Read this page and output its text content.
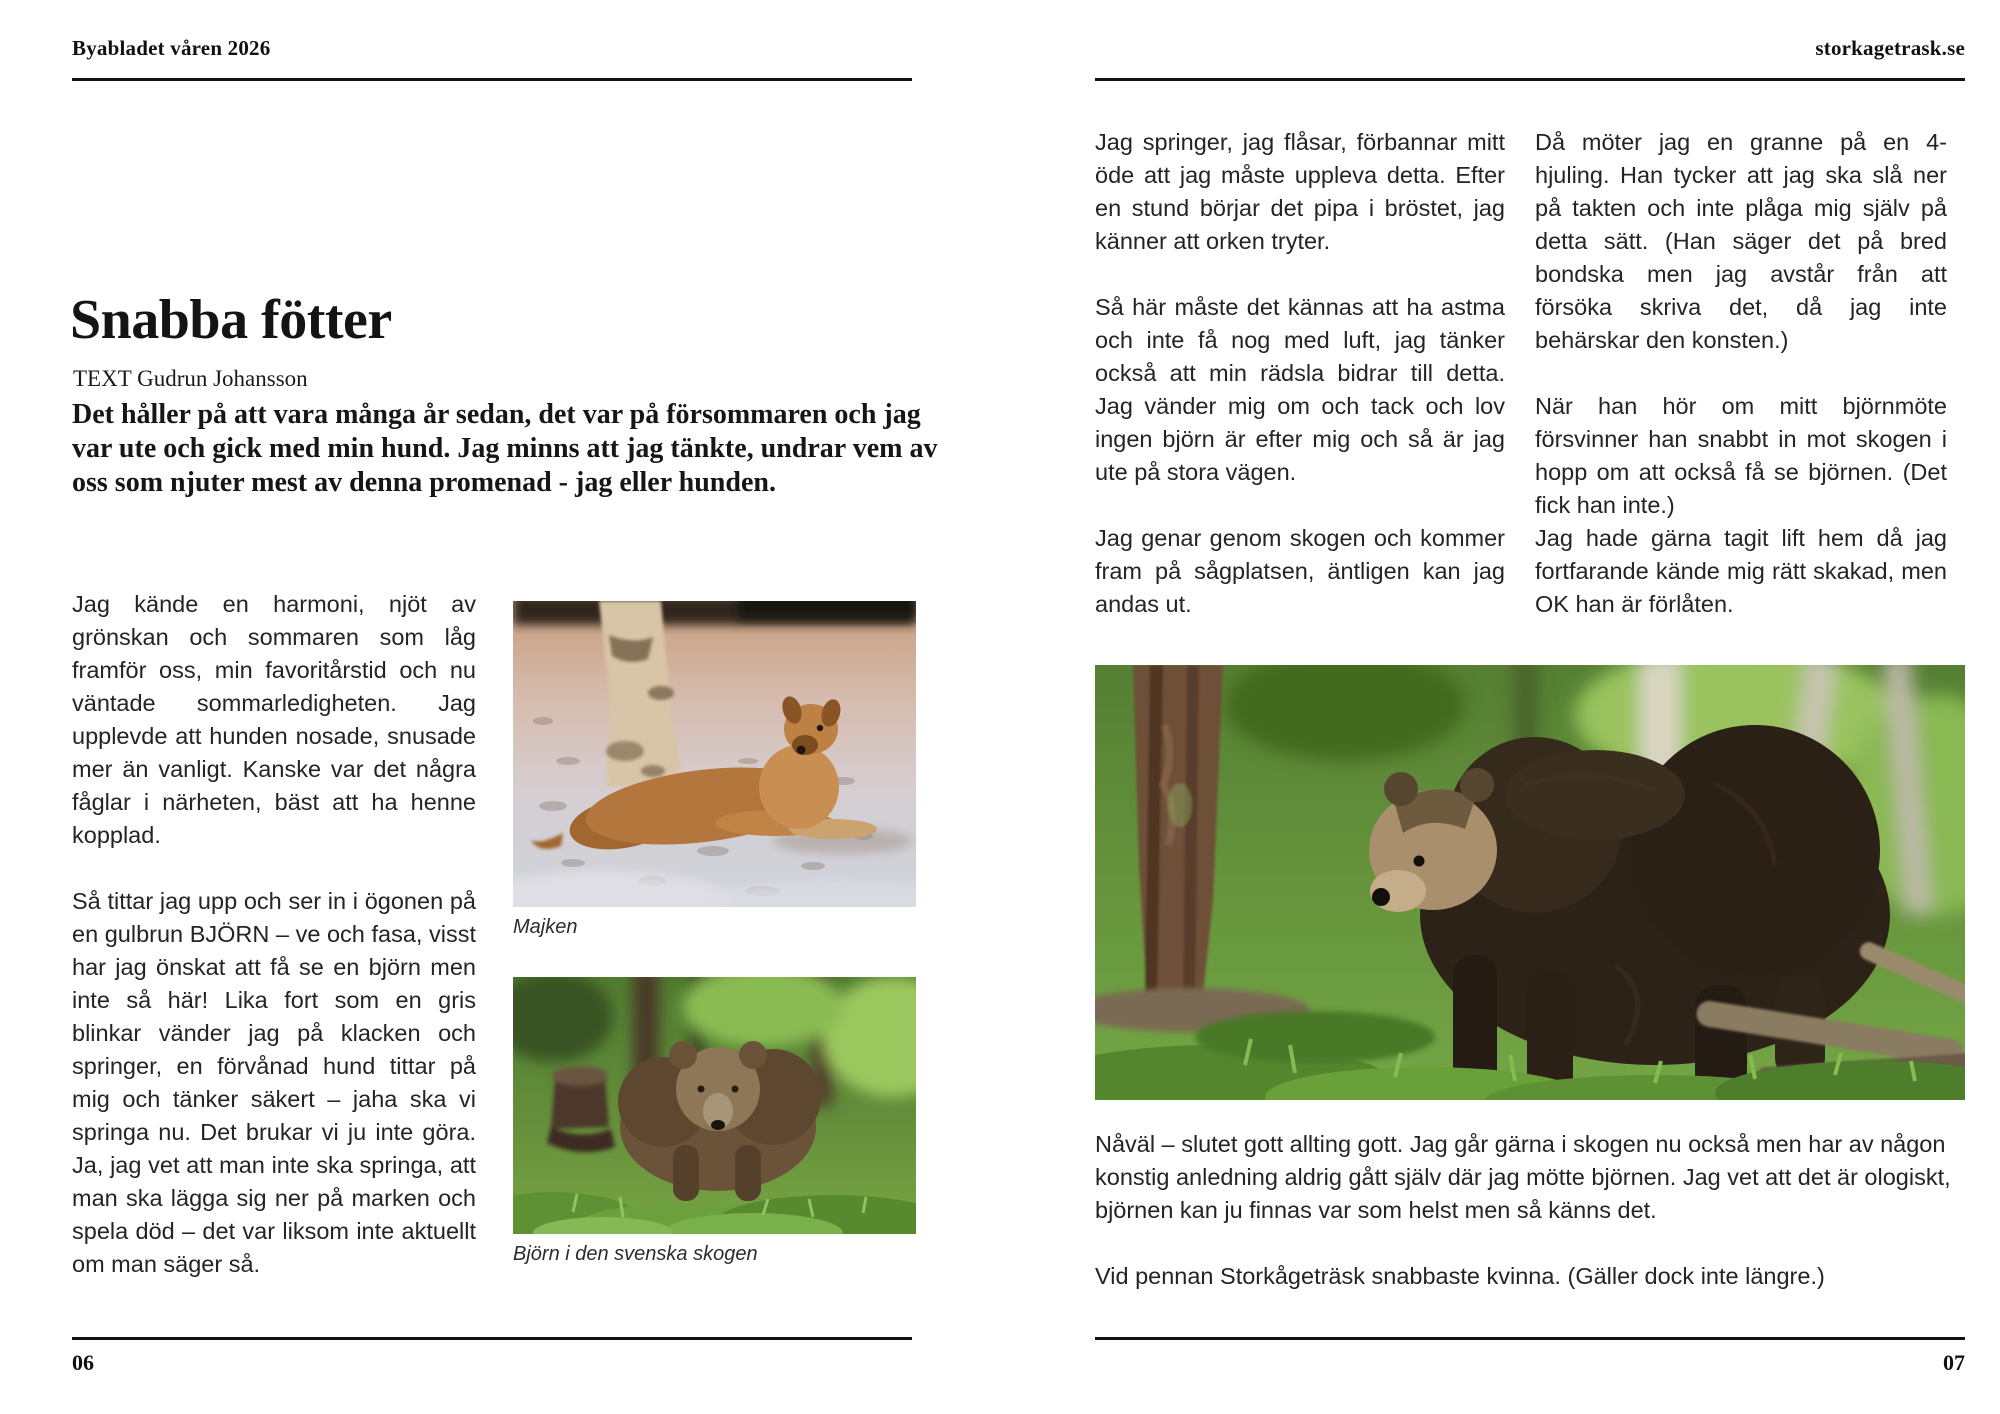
Byabladet våren 2026
Snabba fötter
TEXT Gudrun Johansson

Det håller på att vara många år sedan, det var på försommaren och jag var ute och gick med min hund. Jag minns att jag tänkte, undrar vem av oss som njuter mest av denna promenad - jag eller hunden.

Jag kände en harmoni, njöt av grönskan och sommaren som låg framför oss, min favoritårstid och nu väntade sommarledigheten. Jag upplevde att hunden nosade, snusade mer än vanligt. Kanske var det några fåglar i närheten, bäst att ha henne kopplad.

Så tittar jag upp och ser in i ögonen på en gulbrun BJÖRN – ve och fasa, visst har jag önskat att få se en björn men inte så här! Lika fort som en gris blinkar vänder jag på klacken och springer, en förvånad hund tittar på mig och tänker säkert – jaha ska vi springa nu. Det brukar vi ju inte göra. Ja, jag vet att man inte ska springa, att man ska lägga sig ner på marken och spela död – det var liksom inte aktuellt om man säger så.

Majken
Björn i den svenska skogen
06
storkagetrask.se

Jag springer, jag flåsar, förbannar mitt öde att jag måste uppleva detta. Efter en stund börjar det pipa i bröstet, jag känner att orken tryter.

Så här måste det kännas att ha astma och inte få nog med luft, jag tänker också att min rädsla bidrar till detta. Jag vänder mig om och tack och lov ingen björn är efter mig och så är jag ute på stora vägen.

Jag genar genom skogen och kommer fram på sågplatsen, äntligen kan jag andas ut.

Då möter jag en granne på en 4-hjuling. Han tycker att jag ska slå ner på takten och inte plåga mig själv på detta sätt. (Han säger det på bred bondska men jag avstår från att försöka skriva det, då jag inte behärskar den konsten.)

När han hör om mitt björnmöte försvinner han snabbt in mot skogen i hopp om att också få se björnen. (Det fick han inte.)

Jag hade gärna tagit lift hem då jag fortfarande kände mig rätt skakad, men OK han är förlåten.

Nåväl – slutet gott allting gott. Jag går gärna i skogen nu också men har av någon konstig anledning aldrig gått själv där jag mötte björnen. Jag vet att det är ologiskt, björnen kan ju finnas var som helst men så känns det.

Vid pennan Storkågeträsk snabbaste kvinna. (Gäller dock inte längre.)

07
